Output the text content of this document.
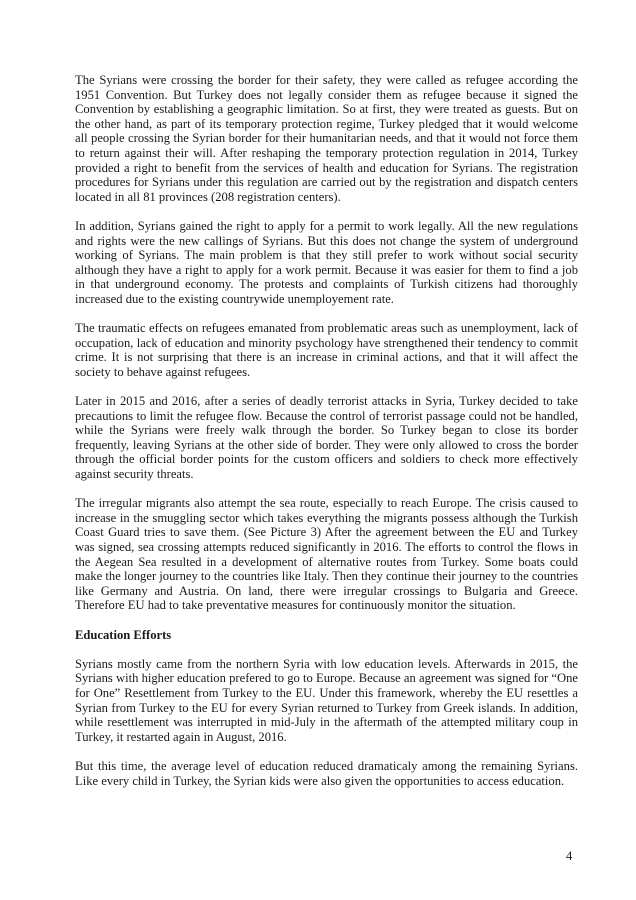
The Syrians were crossing the border for their safety, they were called as refugee according the 1951 Convention. But Turkey does not legally consider them as refugee because it signed the Convention by establishing a geographic limitation. So at first, they were treated as guests. But on the other hand, as part of its temporary protection regime, Turkey pledged that it would welcome all people crossing the Syrian border for their humanitarian needs, and that it would not force them to return against their will. After reshaping the temporary protection regulation in 2014, Turkey provided a right to benefit from the services of health and education for Syrians. The registration procedures for Syrians under this regulation are carried out by the registration and dispatch centers located in all 81 provinces (208 registration centers).

In addition, Syrians gained the right to apply for a permit to work legally. All the new regulations and rights were the new callings of Syrians. But this does not change the system of underground working of Syrians. The main problem is that they still prefer to work without social security although they have a right to apply for a work permit. Because it was easier for them to find a job in that underground economy. The protests and complaints of Turkish citizens had thoroughly increased due to the existing countrywide unemployement rate.

The traumatic effects on refugees emanated from problematic areas such as unemployment, lack of occupation, lack of education and minority psychology have strengthened their tendency to commit crime. It is not surprising that there is an increase in criminal actions, and that it will affect the society to behave against refugees.

Later in 2015 and 2016, after a series of deadly terrorist attacks in Syria, Turkey decided to take precautions to limit the refugee flow. Because the control of terrorist passage could not be handled, while the Syrians were freely walk through the border. So Turkey began to close its border frequently, leaving Syrians at the other side of border. They were only allowed to cross the border through the official border points for the custom officers and soldiers to check more effectively against security threats.

The irregular migrants also attempt the sea route, especially to reach Europe. The crisis caused to increase in the smuggling sector which takes everything the migrants possess although the Turkish Coast Guard tries to save them. (See Picture 3) After the agreement between the EU and Turkey was signed, sea crossing attempts reduced significantly in 2016. The efforts to control the flows in the Aegean Sea resulted in a development of alternative routes from Turkey. Some boats could make the longer journey to the countries like Italy. Then they continue their journey to the countries like Germany and Austria. On land, there were irregular crossings to Bulgaria and Greece. Therefore EU had to take preventative measures for continuously monitor the situation.

Education Efforts

Syrians mostly came from the northern Syria with low education levels. Afterwards in 2015, the Syrians with higher education prefered to go to Europe. Because an agreement was signed for “One for One” Resettlement from Turkey to the EU. Under this framework, whereby the EU resettles a Syrian from Turkey to the EU for every Syrian returned to Turkey from Greek islands. In addition, while resettlement was interrupted in mid-July in the aftermath of the attempted military coup in Turkey, it restarted again in August, 2016.

But this time, the average level of education reduced dramaticaly among the remaining Syrians. Like every child in Turkey, the Syrian kids were also given the opportunities to access education.

4
